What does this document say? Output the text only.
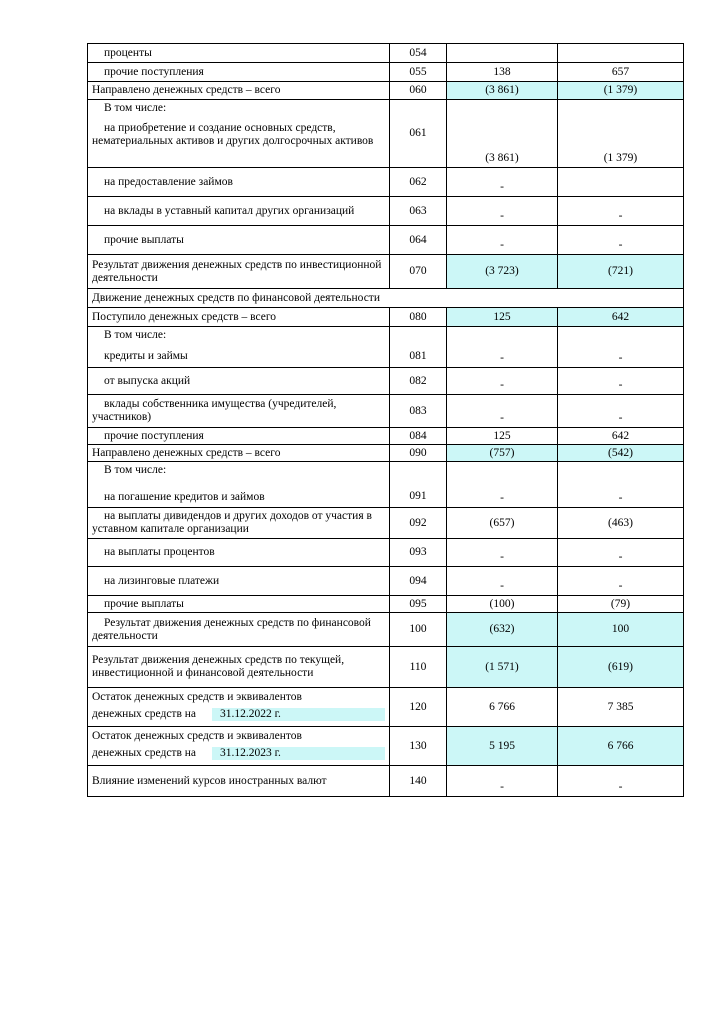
проценты	054		
прочие поступления	055	138	657
Направлено денежных средств – всего	060	(3 861)	(1 379)

В том числе:
на приобретение и создание основных средств, нематериальных активов и других долгосрочных активов	061	(3 861)	(1 379)
на предоставление займов	062	-	
на вклады в уставный капитал других организаций	063	-	-
прочие выплаты	064	-	-
Результат движения денежных средств по инвестиционной деятельности	070	(3 723)	(721)
Движение денежных средств по финансовой деятельности			
Поступило денежных средств – всего	080	125	642

В том числе:
кредиты и займы	081	-	-
от выпуска акций	082	-	-
вклады собственника имущества (учредителей, участников)	083	-	-
прочие поступления	084	125	642
Направлено денежных средств – всего	090	(757)	(542)

В том числе:
на погашение кредитов и займов	091	-	-
на выплаты дивидендов и других доходов от участия в уставном капитале организации	092	(657)	(463)
на выплаты процентов	093	-	-
на лизинговые платежи	094	-	-
прочие выплаты	095	(100)	(79)
Результат движения денежных средств по финансовой деятельности	100	(632)	100
Результат движения денежных средств по текущей, инвестиционной и финансовой деятельности	110	(1 571)	(619)

Остаток денежных средств и эквивалентов
денежных средств на 31.12.2022 г.	120	6 766	7 385

Остаток денежных средств и эквивалентов
денежных средств на 31.12.2023 г.	130	5 195	6 766
Влияние изменений курсов иностранных валют	140	-	-
